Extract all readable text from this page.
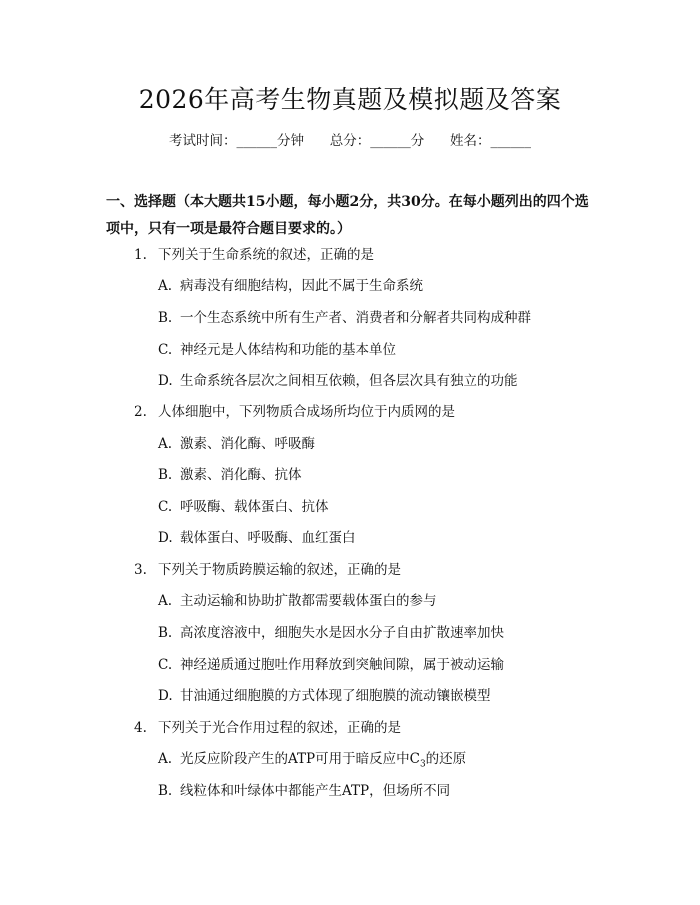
2026年高考生物真题及模拟题及答案
考试时间：______分钟      总分：______分      姓名：______
一、选择题（本大题共15小题，每小题2分，共30分。在每小题列出的四个选项中，只有一项是最符合题目要求的。）
1. 下列关于生命系统的叙述，正确的是
A. 病毒没有细胞结构，因此不属于生命系统
B. 一个生态系统中所有生产者、消费者和分解者共同构成种群
C. 神经元是人体结构和功能的基本单位
D. 生命系统各层次之间相互依赖，但各层次具有独立的功能
2. 人体细胞中，下列物质合成场所均位于内质网的是
A. 激素、消化酶、呼吸酶
B. 激素、消化酶、抗体
C. 呼吸酶、载体蛋白、抗体
D. 载体蛋白、呼吸酶、血红蛋白
3. 下列关于物质跨膜运输的叙述，正确的是
A. 主动运输和协助扩散都需要载体蛋白的参与
B. 高浓度溶液中，细胞失水是因水分子自由扩散速率加快
C. 神经递质通过胞吐作用释放到突触间隙，属于被动运输
D. 甘油通过细胞膜的方式体现了细胞膜的流动镶嵌模型
4. 下列关于光合作用过程的叙述，正确的是
A. 光反应阶段产生的ATP可用于暗反应中$C_3$的还原
B. 线粒体和叶绿体中都能产生ATP，但场所不同
